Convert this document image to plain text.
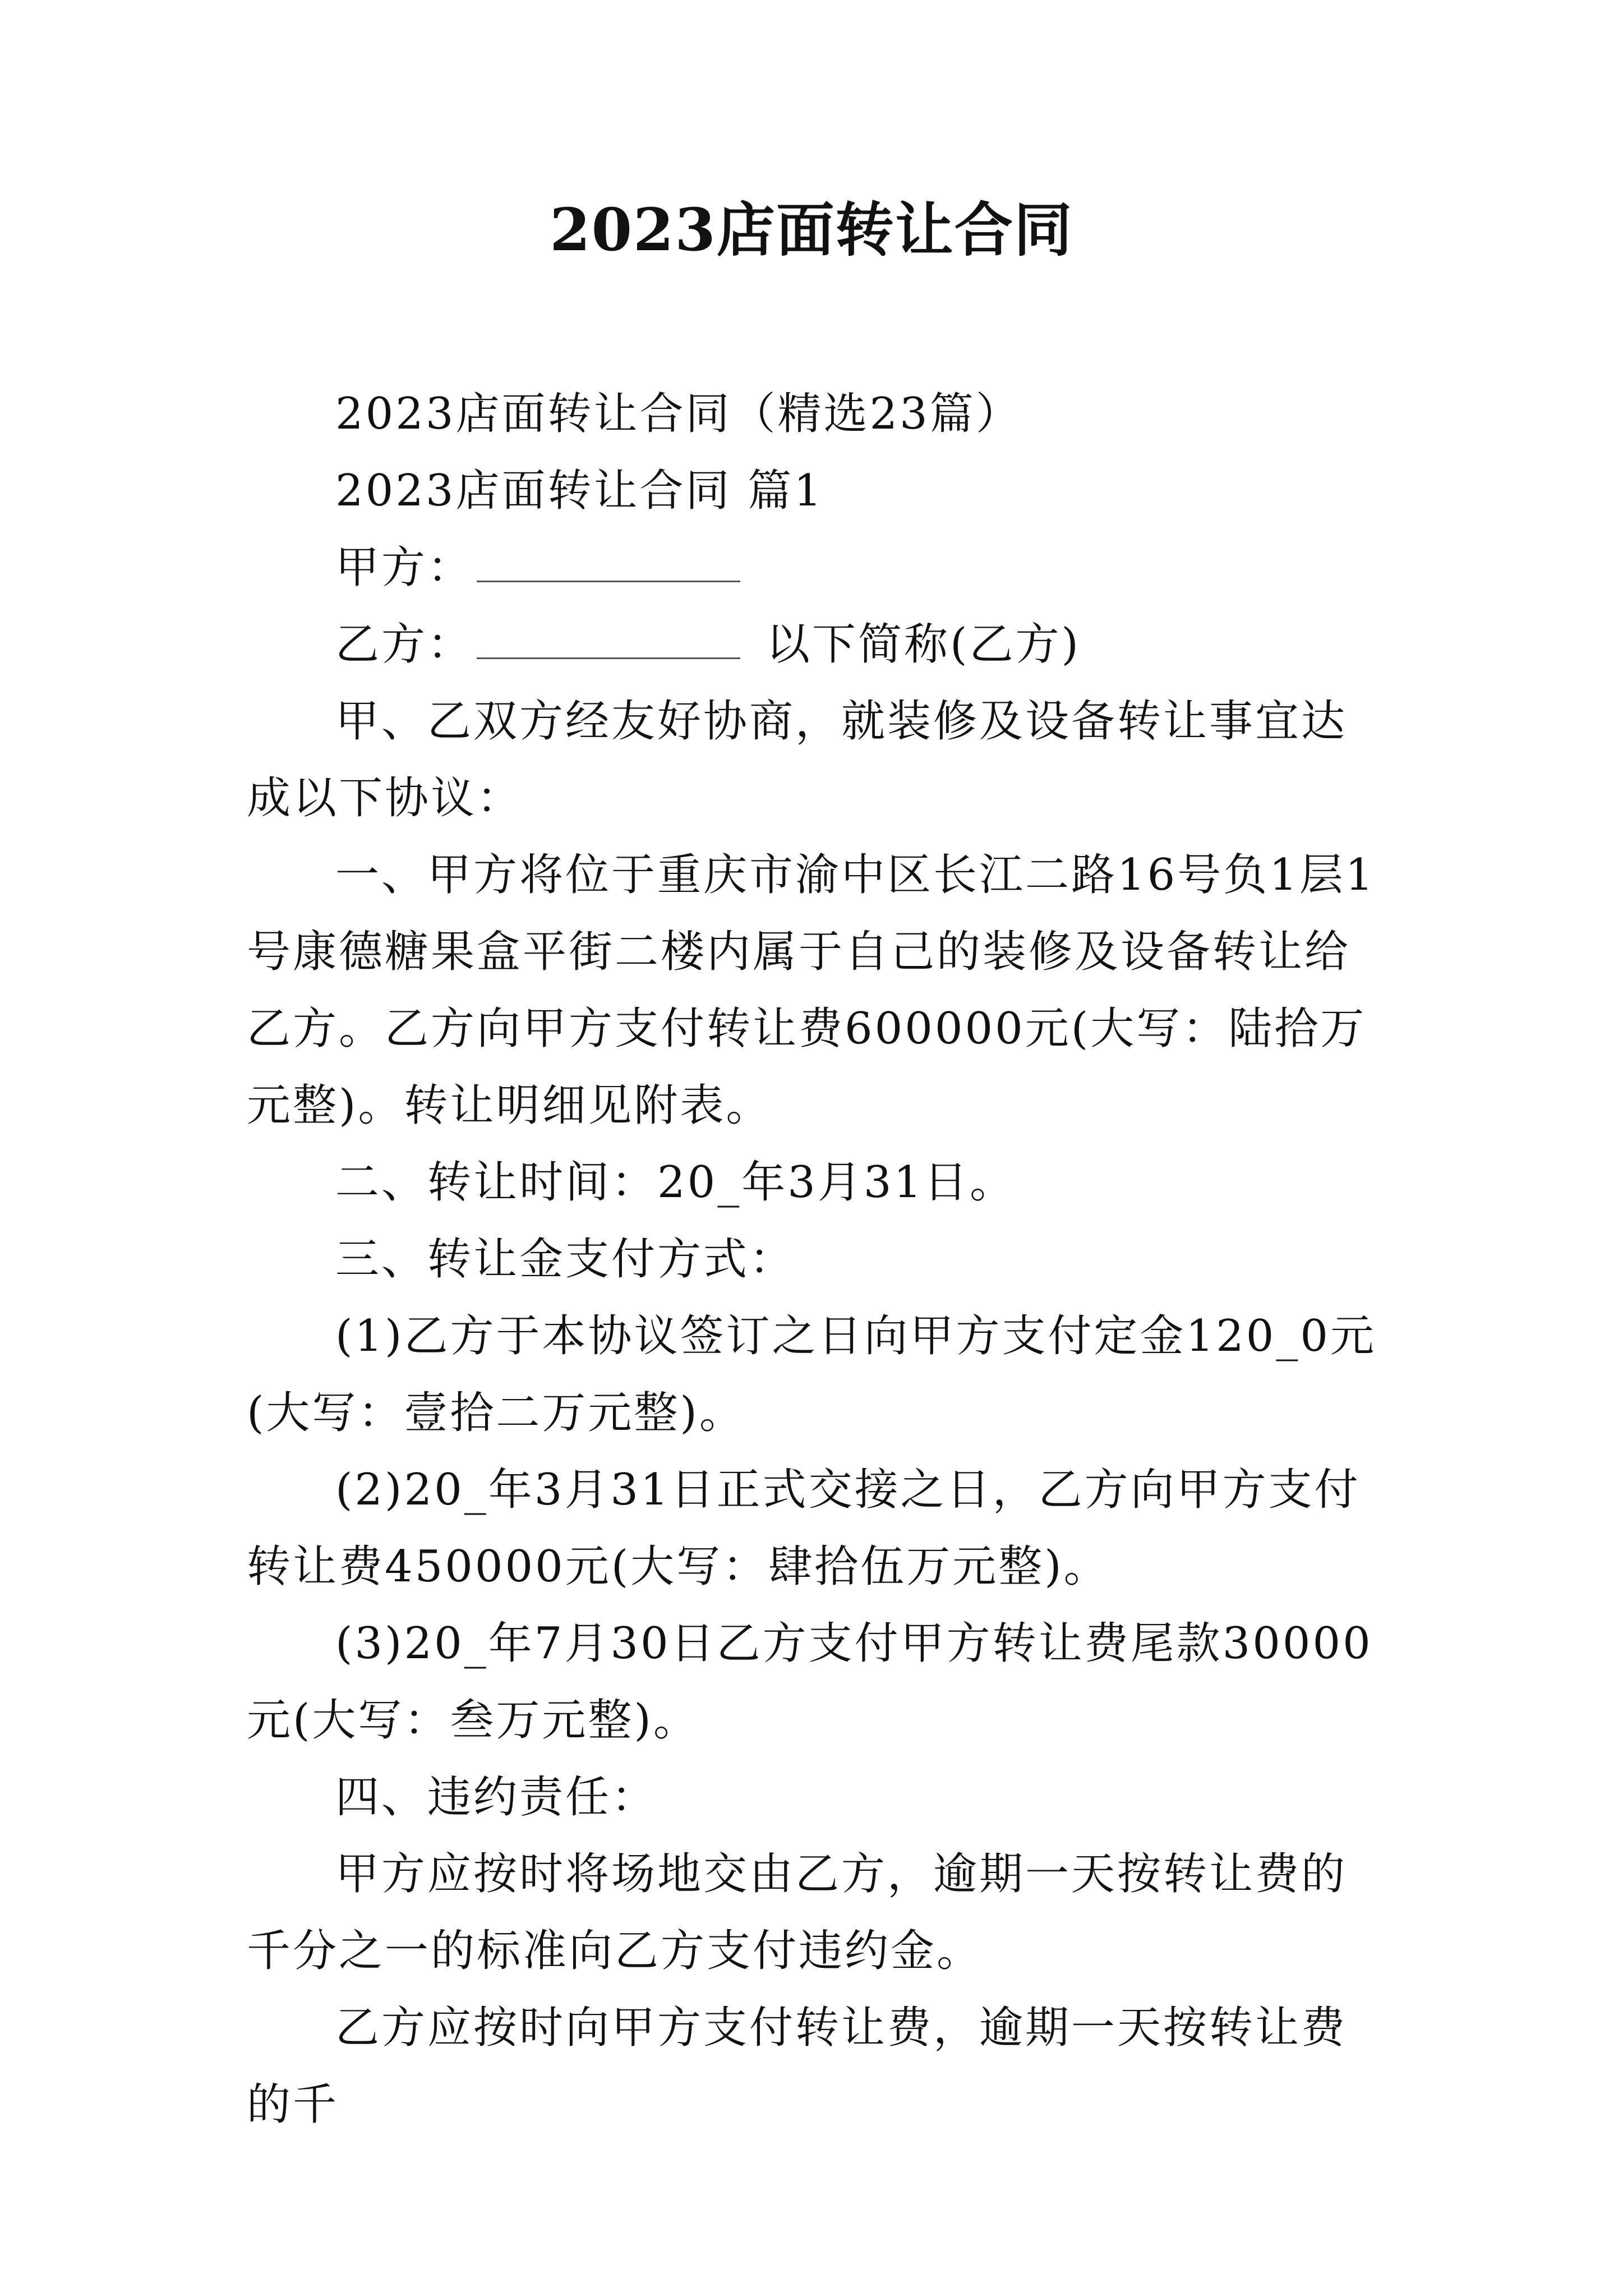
2023店面转让合同
2023店面转让合同（精选23篇）
2023店面转让合同 篇1
甲方：
乙方：	以下简称(乙方)

甲、乙双方经友好协商，就装修及设备转让事宜达成以下协议：

一、甲方将位于重庆市渝中区长江二路16号负1层1号康德糖果盒平街二楼内属于自己的装修及设备转让给乙方。乙方向甲方支付转让费600000元(大写：陆拾万元整)。转让明细见附表。

二、转让时间：20_年3月31日。

三、转让金支付方式：

(1)乙方于本协议签订之日向甲方支付定金120_0元(大写：壹拾二万元整)。

(2)20_年3月31日正式交接之日，乙方向甲方支付转让费450000元(大写：肆拾伍万元整)。

(3)20_年7月30日乙方支付甲方转让费尾款30000元(大写：叁万元整)。

四、违约责任：

甲方应按时将场地交由乙方，逾期一天按转让费的千分之一的标准向乙方支付违约金。

乙方应按时向甲方支付转让费，逾期一天按转让费的千
